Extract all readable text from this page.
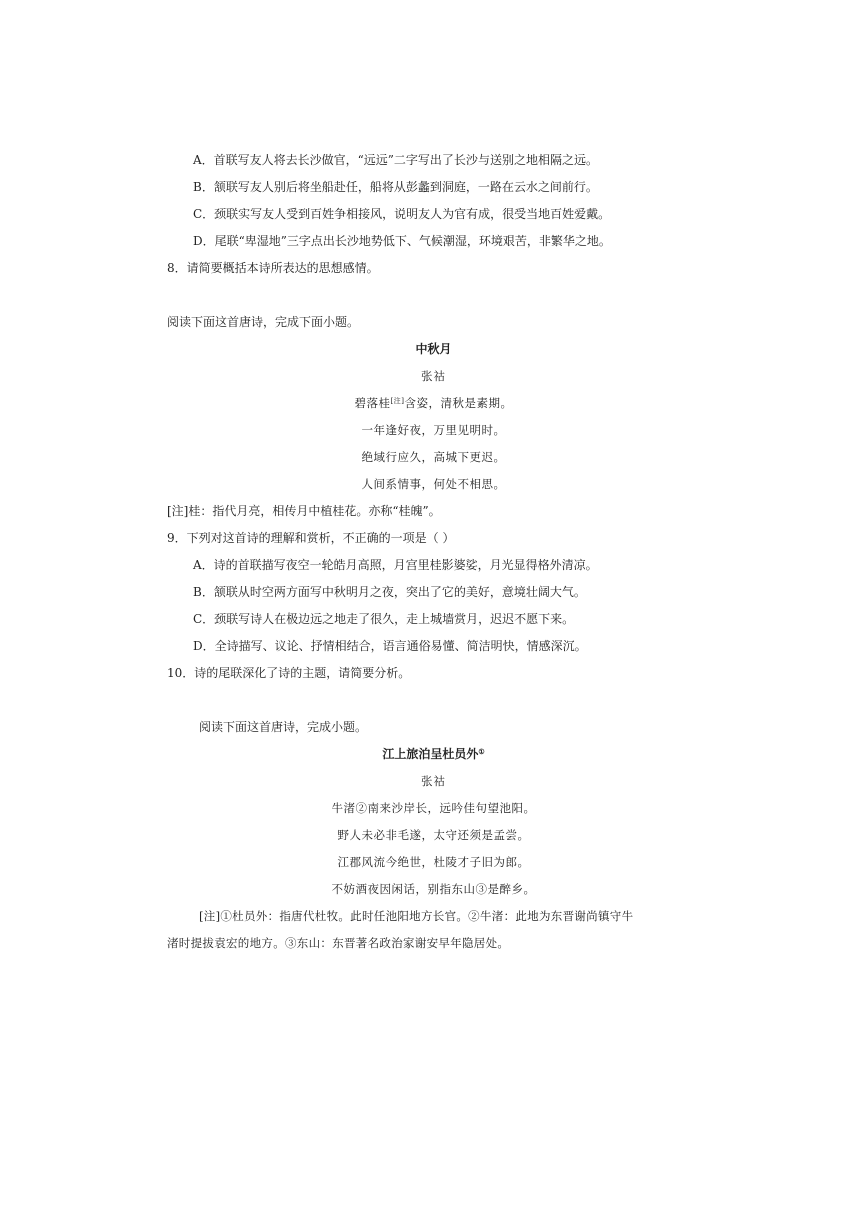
A．首联写友人将去长沙做官，“远远”二字写出了长沙与送别之地相隔之远。
B．颔联写友人别后将坐船赴任，船将从彭蠡到洞庭，一路在云水之间前行。
C．颈联实写友人受到百姓争相接风，说明友人为官有成，很受当地百姓爱戴。
D．尾联“卑湿地”三字点出长沙地势低下、气候潮湿，环境艰苦，非繁华之地。
8．请简要概括本诗所表达的思想感情。
阅读下面这首唐诗，完成下面小题。
中秋月
张祜
碧落桂[注]含姿，清秋是素期。
一年逢好夜，万里见明时。
绝域行应久，高城下更迟。
人间系情事，何处不相思。
[注]桂：指代月亮，相传月中植桂花。亦称“桂魄”。
9．下列对这首诗的理解和赏析，不正确的一项是（ ）
A．诗的首联描写夜空一轮皓月高照，月宫里桂影婆娑，月光显得格外清凉。
B．颔联从时空两方面写中秋明月之夜，突出了它的美好，意境壮阔大气。
C．颈联写诗人在极边远之地走了很久，走上城墙赏月，迟迟不愿下来。
D．全诗描写、议论、抒情相结合，语言通俗易懂、简洁明快，情感深沉。
10．诗的尾联深化了诗的主题，请简要分析。
阅读下面这首唐诗，完成小题。
江上旅泊呈杜员外①
张祜
牛渚②南来沙岸长，远吟佳句望池阳。
野人未必非毛遂，太守还须是孟尝。
江郡风流今绝世，杜陵才子旧为郎。
不妨酒夜因闲话，别指东山③是醉乡。
[注]①杜员外：指唐代杜牧。此时任池阳地方长官。②牛渚：此地为东晋谢尚镇守牛
渚时提拔袁宏的地方。③东山：东晋著名政治家谢安早年隐居处。
